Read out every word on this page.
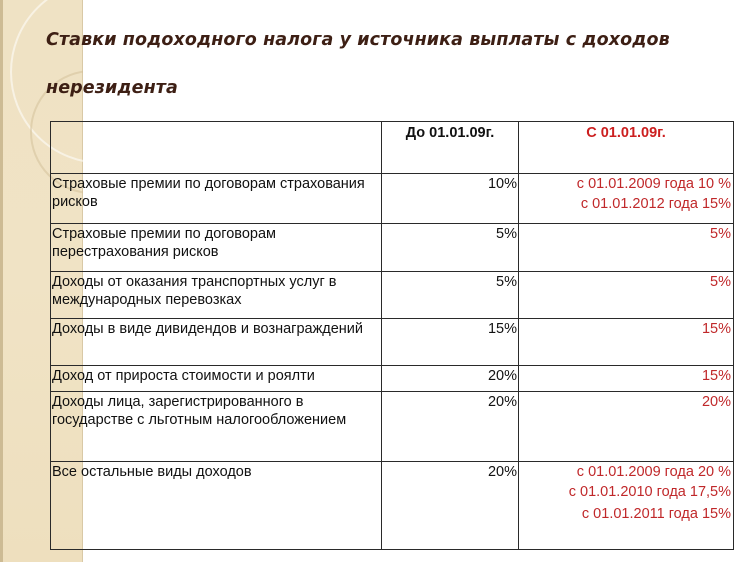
Ставки подоходного налога у источника выплаты с доходов
нерезидента
	До 01.01.09г.	С 01.01.09г.
Страховые премии по договорам страхования рисков	10%	с 01.01.2009 года 10 %
с 01.01.2012 года 15%

Страховые премии по договорам перестрахования рисков	5%	5%

Доходы от оказания транспортных услуг в международных перевозках	5%	5%

Доходы в виде дивидендов и вознаграждений	15%	15%

Доход от прироста стоимости и роялти	20%	15%

Доходы лица, зарегистрированного в государстве с льготным налогообложением	20%	20%

Все остальные виды доходов	20%	с 01.01.2009 года 20 %
с 01.01.2010 года 17,5%
с 01.01.2011 года 15%
